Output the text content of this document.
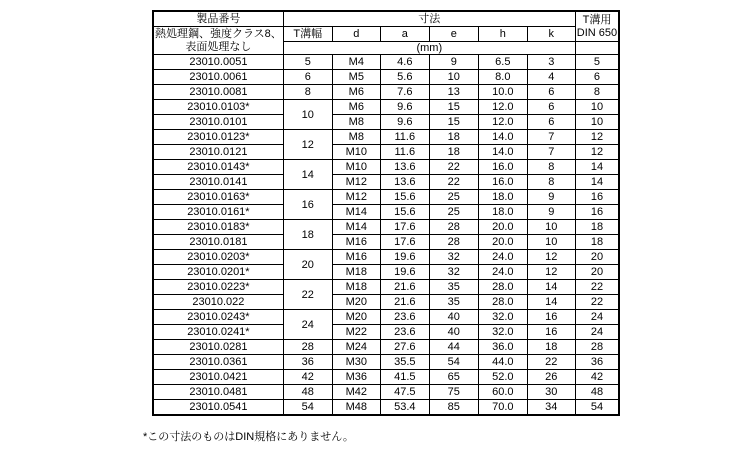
製品番号	寸法						T溝用
DIN 650

熱処理鋼、強度クラス8、
表面処理なし	T溝幅	d	a	e	h	k	
	(mm)						
23010.0051	5	M4	4.6	9	6.5	3	5
23010.0061	6	M5	5.6	10	8.0	4	6
23010.0081	8	M6	7.6	13	10.0	6	8
23010.0103*	10	M6	9.6	15	12.0	6	10
23010.0101		M8	9.6	15	12.0	6	10
23010.0123*	12	M8	11.6	18	14.0	7	12
23010.0121		M10	11.6	18	14.0	7	12
23010.0143*	14	M10	13.6	22	16.0	8	14
23010.0141		M12	13.6	22	16.0	8	14
23010.0163*	16	M12	15.6	25	18.0	9	16
23010.0161*		M14	15.6	25	18.0	9	16
23010.0183*	18	M14	17.6	28	20.0	10	18
23010.0181		M16	17.6	28	20.0	10	18
23010.0203*	20	M16	19.6	32	24.0	12	20
23010.0201*		M18	19.6	32	24.0	12	20
23010.0223*	22	M18	21.6	35	28.0	14	22
23010.022		M20	21.6	35	28.0	14	22
23010.0243*	24	M20	23.6	40	32.0	16	24
23010.0241*		M22	23.6	40	32.0	16	24
23010.0281	28	M24	27.6	44	36.0	18	28
23010.0361	36	M30	35.5	54	44.0	22	36
23010.0421	42	M36	41.5	65	52.0	26	42
23010.0481	48	M42	47.5	75	60.0	30	48
23010.0541	54	M48	53.4	85	70.0	34	54
*この寸法のものはDIN規格にありません。
